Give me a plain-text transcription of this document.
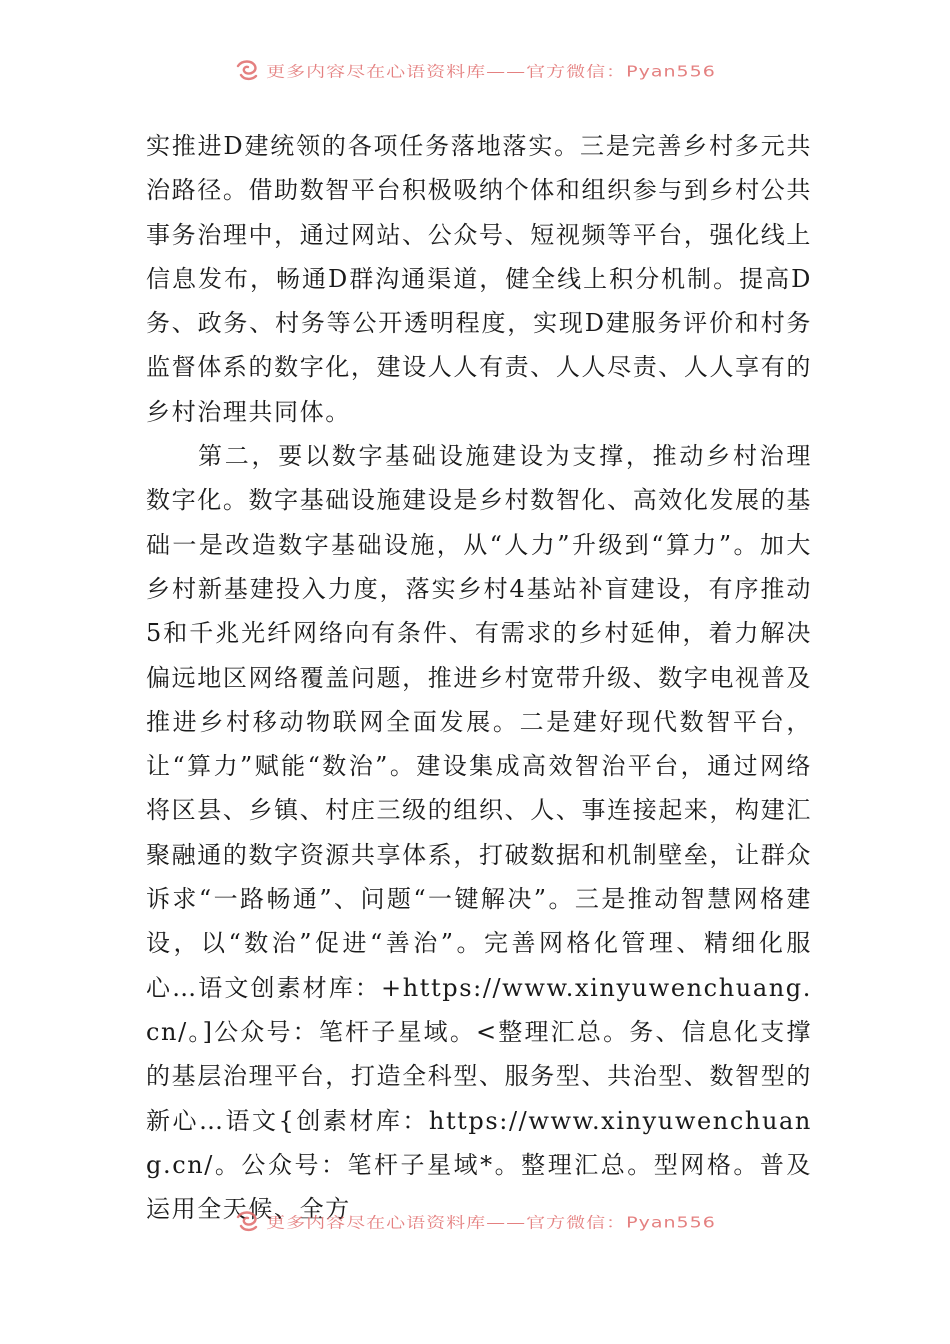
更多内容尽在心语资料库——官方微信：Pyan556

实推进D建统领的各项任务落地落实。三是完善乡村多元共治路径。借助数智平台积极吸纳个体和组织参与到乡村公共事务治理中，通过网站、公众号、短视频等平台，强化线上信息发布，畅通D群沟通渠道，健全线上积分机制。提高D务、政务、村务等公开透明程度，实现D建服务评价和村务监督体系的数字化，建设人人有责、人人尽责、人人享有的乡村治理共同体。

第二，要以数字基础设施建设为支撑，推动乡村治理数字化。数字基础设施建设是乡村数智化、高效化发展的基础一是改造数字基础设施，从“人力”升级到“算力”。加大乡村新基建投入力度，落实乡村4基站补盲建设，有序推动5和千兆光纤网络向有条件、有需求的乡村延伸，着力解决偏远地区网络覆盖问题，推进乡村宽带升级、数字电视普及推进乡村移动物联网全面发展。二是建好现代数智平台，让“算力”赋能“数治”。建设集成高效智治平台，通过网络将区县、乡镇、村庄三级的组织、人、事连接起来，构建汇聚融通的数字资源共享体系，打破数据和机制壁垒，让群众诉求“一路畅通”、问题“一键解决”。三是推动智慧网格建设，以“数治”促进“善治”。完善网格化管理、精细化服心…语文创素材库：+https://www.xinyuwenchuang.cn/。]公众号：笔杆子星域。<整理汇总。务、信息化支撑的基层治理平台，打造全科型、服务型、共治型、数智型的新心…语文{创素材库：https://www.xinyuwenchuang.cn/。公众号：笔杆子星域*。整理汇总。型网格。普及运用全天候、全方

更多内容尽在心语资料库——官方微信：Pyan556
